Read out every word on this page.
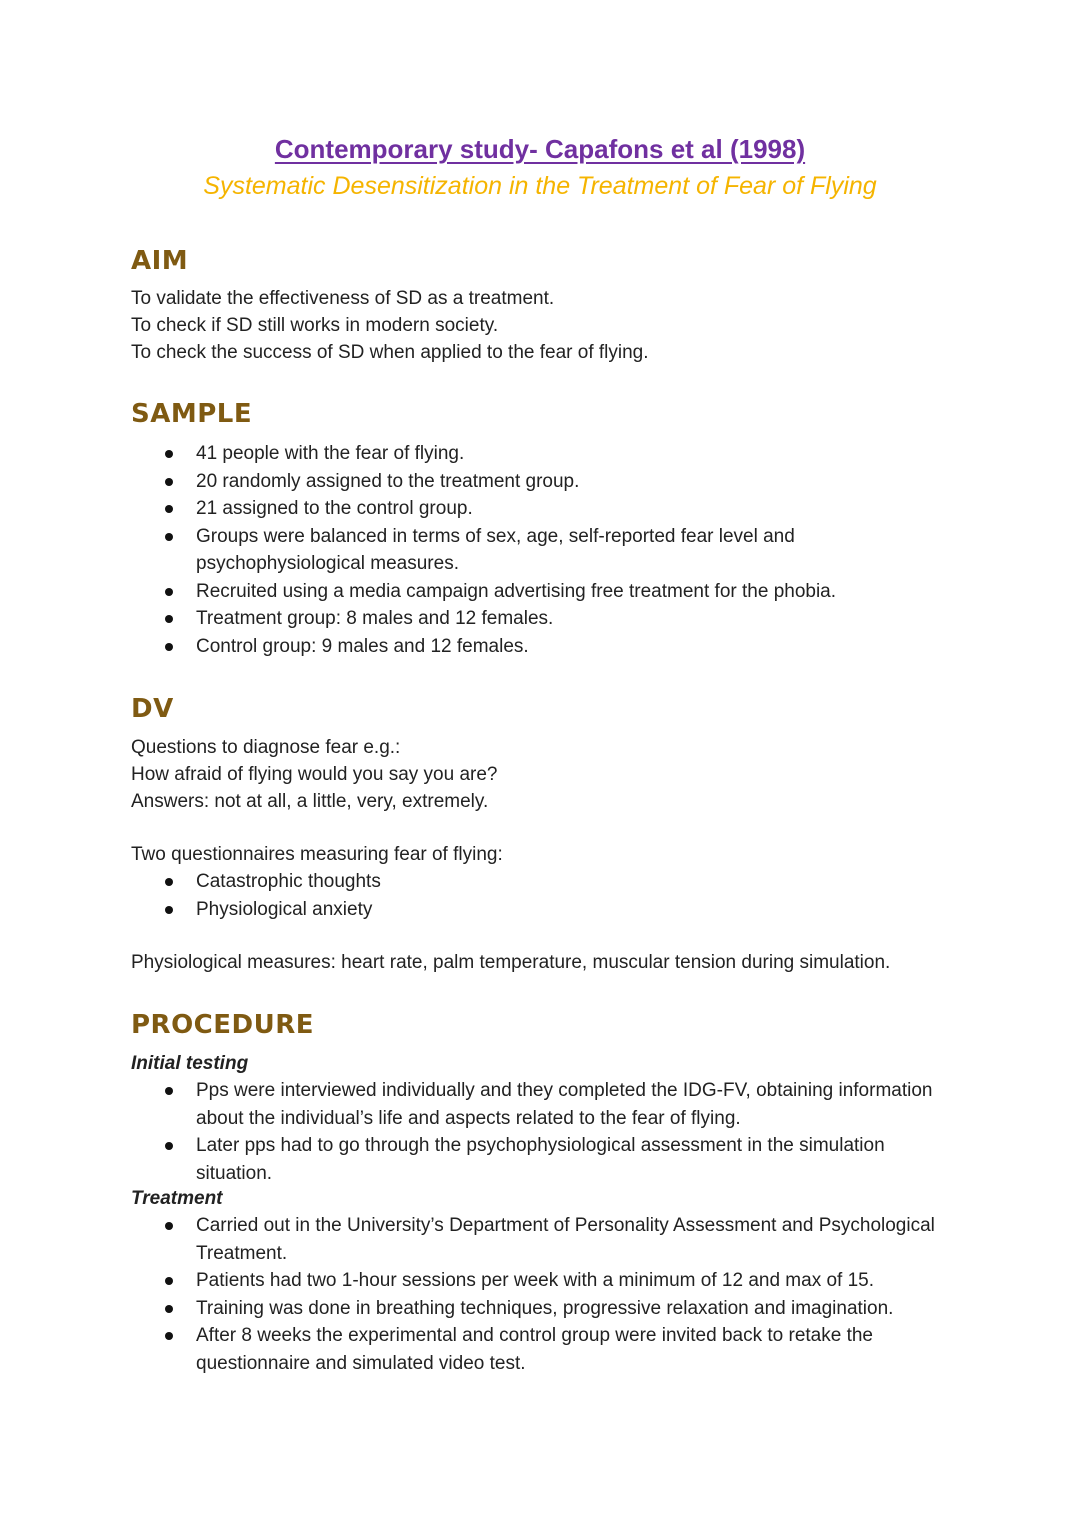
Contemporary study- Capafons et al (1998)
Systematic Desensitization in the Treatment of Fear of Flying
AIM
To validate the effectiveness of SD as a treatment.
To check if SD still works in modern society.
To check the success of SD when applied to the fear of flying.
SAMPLE
41 people with the fear of flying.
20 randomly assigned to the treatment group.
21 assigned to the control group.
Groups were balanced in terms of sex, age, self-reported fear level and psychophysiological measures.
Recruited using a media campaign advertising free treatment for the phobia.
Treatment group: 8 males and 12 females.
Control group: 9 males and 12 females.
DV
Questions to diagnose fear e.g.:
How afraid of flying would you say you are?
Answers: not at all, a little, very, extremely.
Two questionnaires measuring fear of flying:
Catastrophic thoughts
Physiological anxiety
Physiological measures: heart rate, palm temperature, muscular tension during simulation.
PROCEDURE
Initial testing
Pps were interviewed individually and they completed the IDG-FV, obtaining information about the individual’s life and aspects related to the fear of flying.
Later pps had to go through the psychophysiological assessment in the simulation situation.
Treatment
Carried out in the University’s Department of Personality Assessment and Psychological Treatment.
Patients had two 1-hour sessions per week with a minimum of 12 and max of 15.
Training was done in breathing techniques, progressive relaxation and imagination.
After 8 weeks the experimental and control group were invited back to retake the questionnaire and simulated video test.
